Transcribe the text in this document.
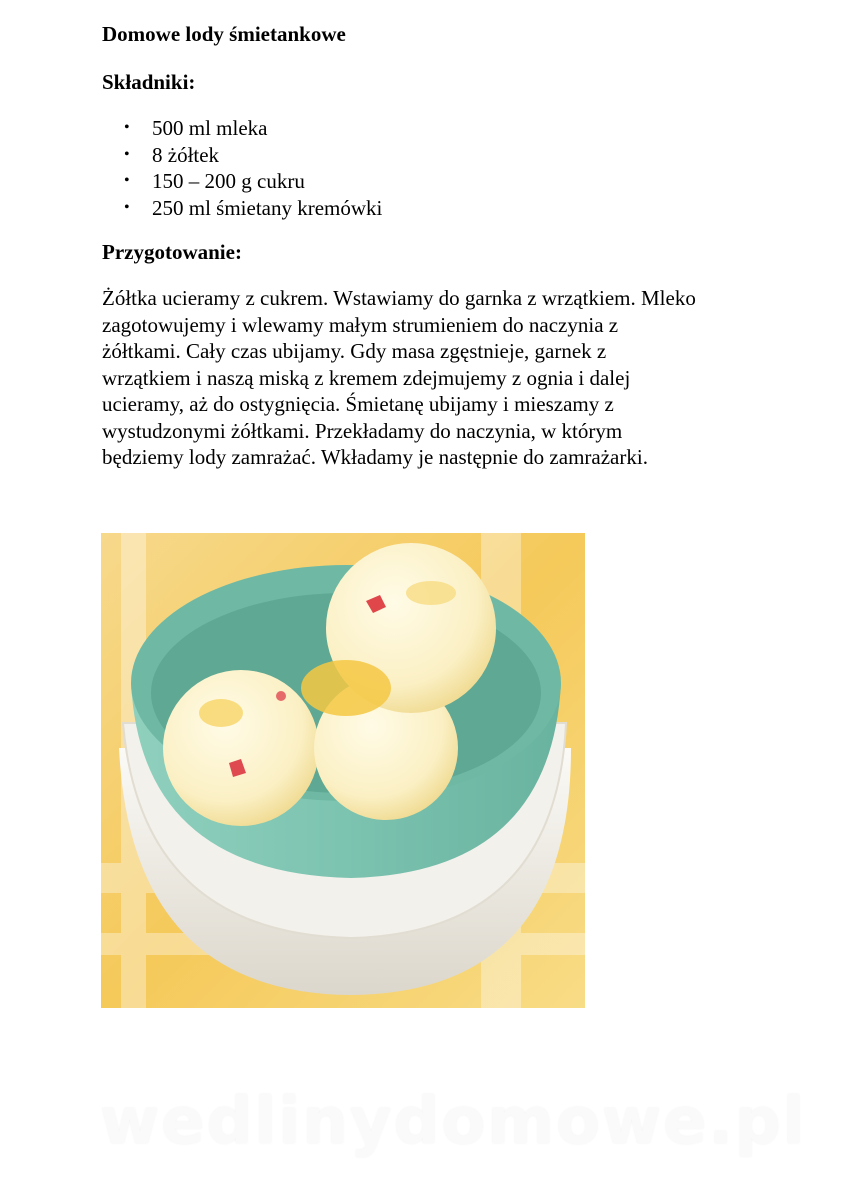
Domowe lody śmietankowe
Składniki:
• 500 ml mleka
• 8 żółtek
• 150 – 200 g cukru
• 250 ml śmietany kremówki
Przygotowanie:

Żółtka ucieramy z cukrem. Wstawiamy do garnka z wrzątkiem. Mleko
zagotowujemy i wlewamy małym strumieniem do naczynia z
żółtkami. Cały czas ubijamy. Gdy masa zgęstnieje, garnek z
wrzątkiem i naszą miską z kremem zdejmujemy z ognia i dalej
ucieramy, aż do ostygnięcia. Śmietanę ubijamy i mieszamy z
wystudzonymi żółtkami. Przekładamy do naczynia, w którym
będziemy lody zamrażać. Wkładamy je następnie do zamrażarki.

wedlinydomowe.pl
